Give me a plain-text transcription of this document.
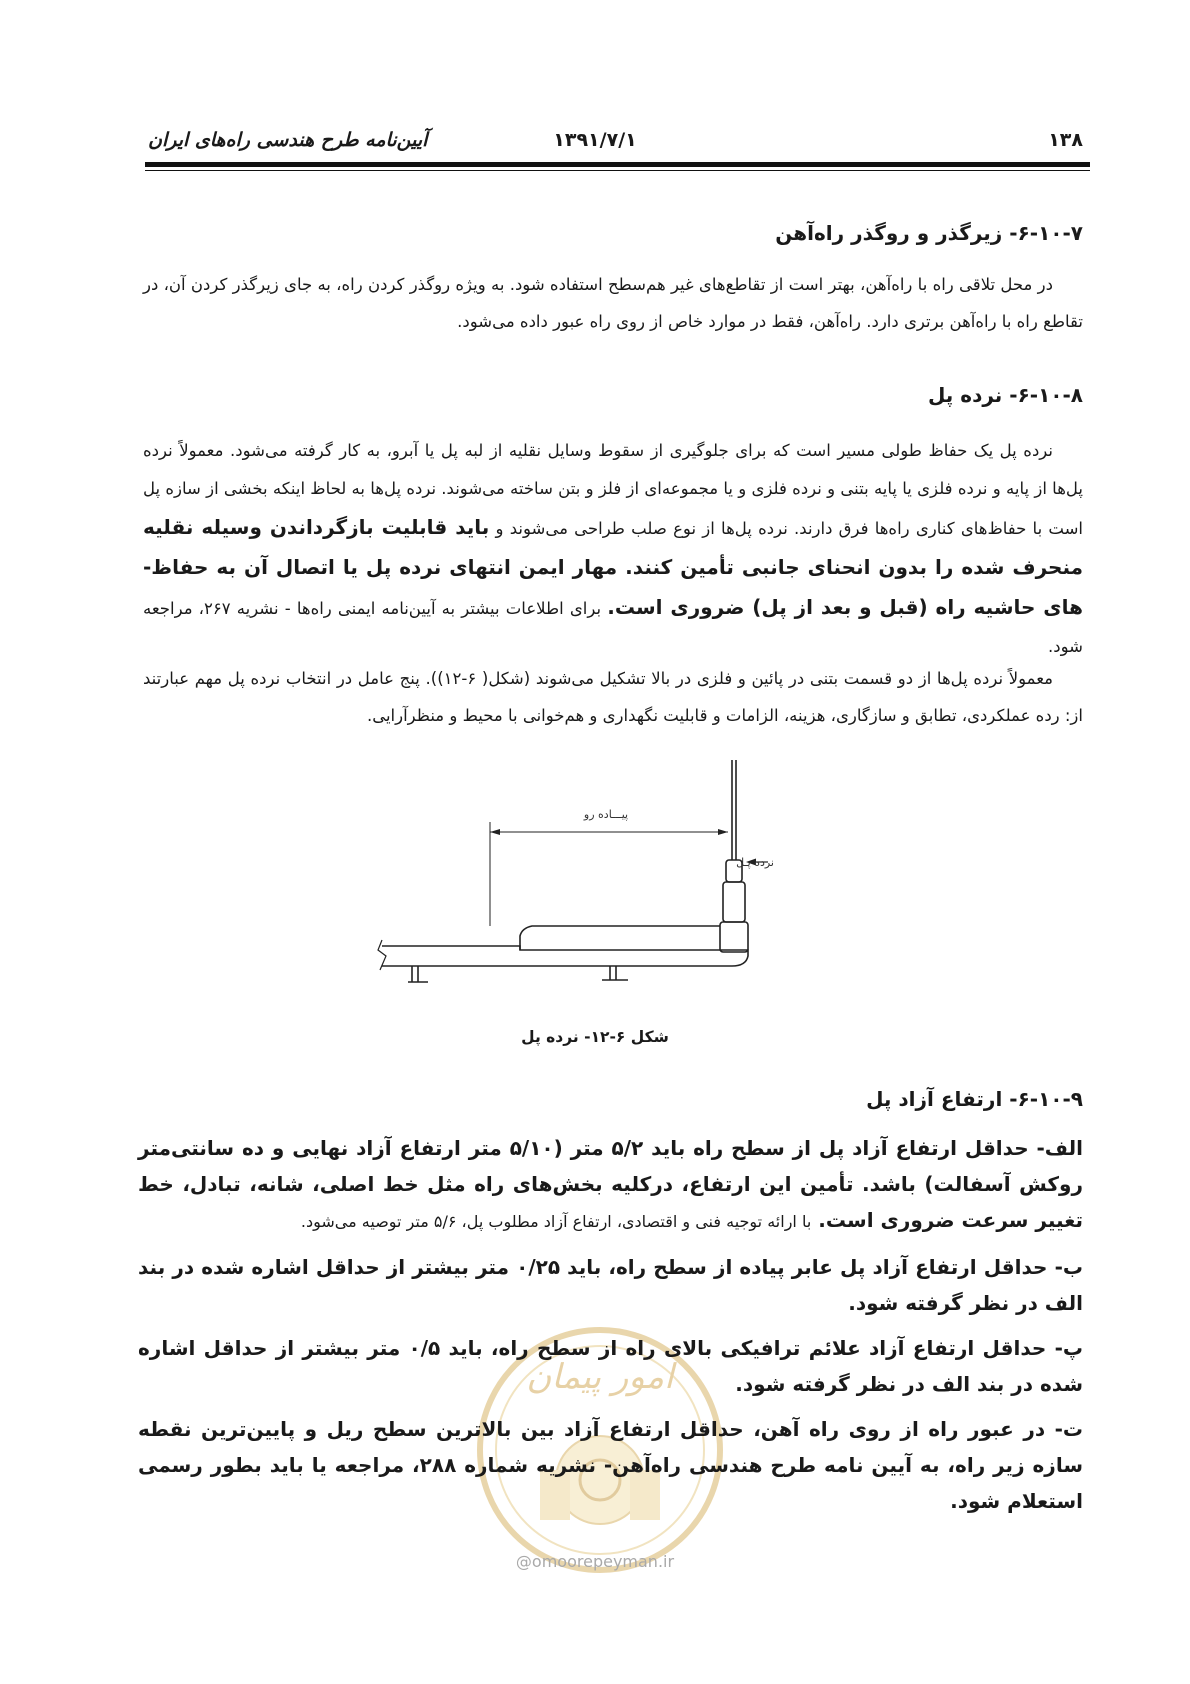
۱۳۸
۱۳۹۱/۷/۱
آیین‌نامه طرح هندسی راه‌های ایران
۶-۱۰-۷- زیرگذر و روگذر راه‌آهن
در محل تلاقی راه با راه‌آهن، بهتر است از تقاطع‌های غیر هم‌سطح استفاده شود. به ویژه روگذر کردن راه، به جای زیرگذر کردن آن، در تقاطع راه با راه‌آهن برتری دارد. راه‌آهن، فقط در موارد خاص از روی راه عبور داده می‌شود.
۶-۱۰-۸- نرده پل
نرده پل یک حفاظ طولی مسیر است که برای جلوگیری از سقوط وسایل نقلیه از لبه پل یا آبرو، به کار گرفته می‌شود. معمولاً نرده پل‌ها از پایه و نرده فلزی یا پایه بتنی و نرده فلزی و یا مجموعه‌ای از فلز و بتن ساخته می‌شوند. نرده پل‌ها به لحاظ اینکه بخشی از سازه پل است با حفاظ‌های کناری راه‌ها فرق دارند. نرده پل‌ها از نوع صلب طراحی می‌شوند و باید قابلیت بازگرداندن وسیله نقلیه منحرف شده را بدون انحنای جانبی تأمین کنند. مهار ایمن انتهای نرده پل یا اتصال آن به حفاظ-های حاشیه راه (قبل و بعد از پل) ضروری است. برای اطلاعات بیشتر به آیین‌نامه ایمنی راه‌ها - نشریه ۲۶۷، مراجعه شود.
معمولاً نرده پل‌ها از دو قسمت بتنی در پائین و فلزی در بالا تشکیل می‌شوند (شکل( ۶-۱۲)). پنج عامل در انتخاب نرده پل مهم عبارتند از: رده عملکردی، تطابق و سازگاری، هزینه، الزامات و قابلیت نگهداری و هم‌خوانی با محیط و منظرآرایی.
پیـــاده رو
نرده پـل
شکل ۶-۱۲- نرده پل
۶-۱۰-۹- ارتفاع آزاد پل
امور پیمان

الف- حداقل ارتفاع آزاد پل از سطح راه باید ۵/۲ متر (۵/۱۰ متر ارتفاع آزاد نهایی و ده سانتی‌متر روکش آسفالت) باشد. تأمین این ارتفاع، درکلیه بخش‌های راه مثل خط اصلی، شانه، تبادل، خط تغییر سرعت ضروری است. با ارائه توجیه فنی و اقتصادی، ارتفاع آزاد مطلوب پل، ۵/۶ متر توصیه می‌شود.

ب- حداقل ارتفاع آزاد پل عابر پیاده از سطح راه، باید ۰/۲۵ متر بیشتر از حداقل اشاره شده در بند الف در نظر گرفته شود.

پ- حداقل ارتفاع آزاد علائم ترافیکی بالای راه از سطح راه، باید ۰/۵ متر بیشتر از حداقل اشاره شده در بند الف در نظر گرفته شود.

ت- در عبور راه از روی راه آهن، حداقل ارتفاع آزاد بین بالاترین سطح ریل و پایین‌ترین نقطه سازه زیر راه، به آیین نامه طرح هندسی راه‌آهن- نشریه شماره ۲۸۸، مراجعه یا باید بطور رسمی استعلام شود.

@omoorepeyman.ir
